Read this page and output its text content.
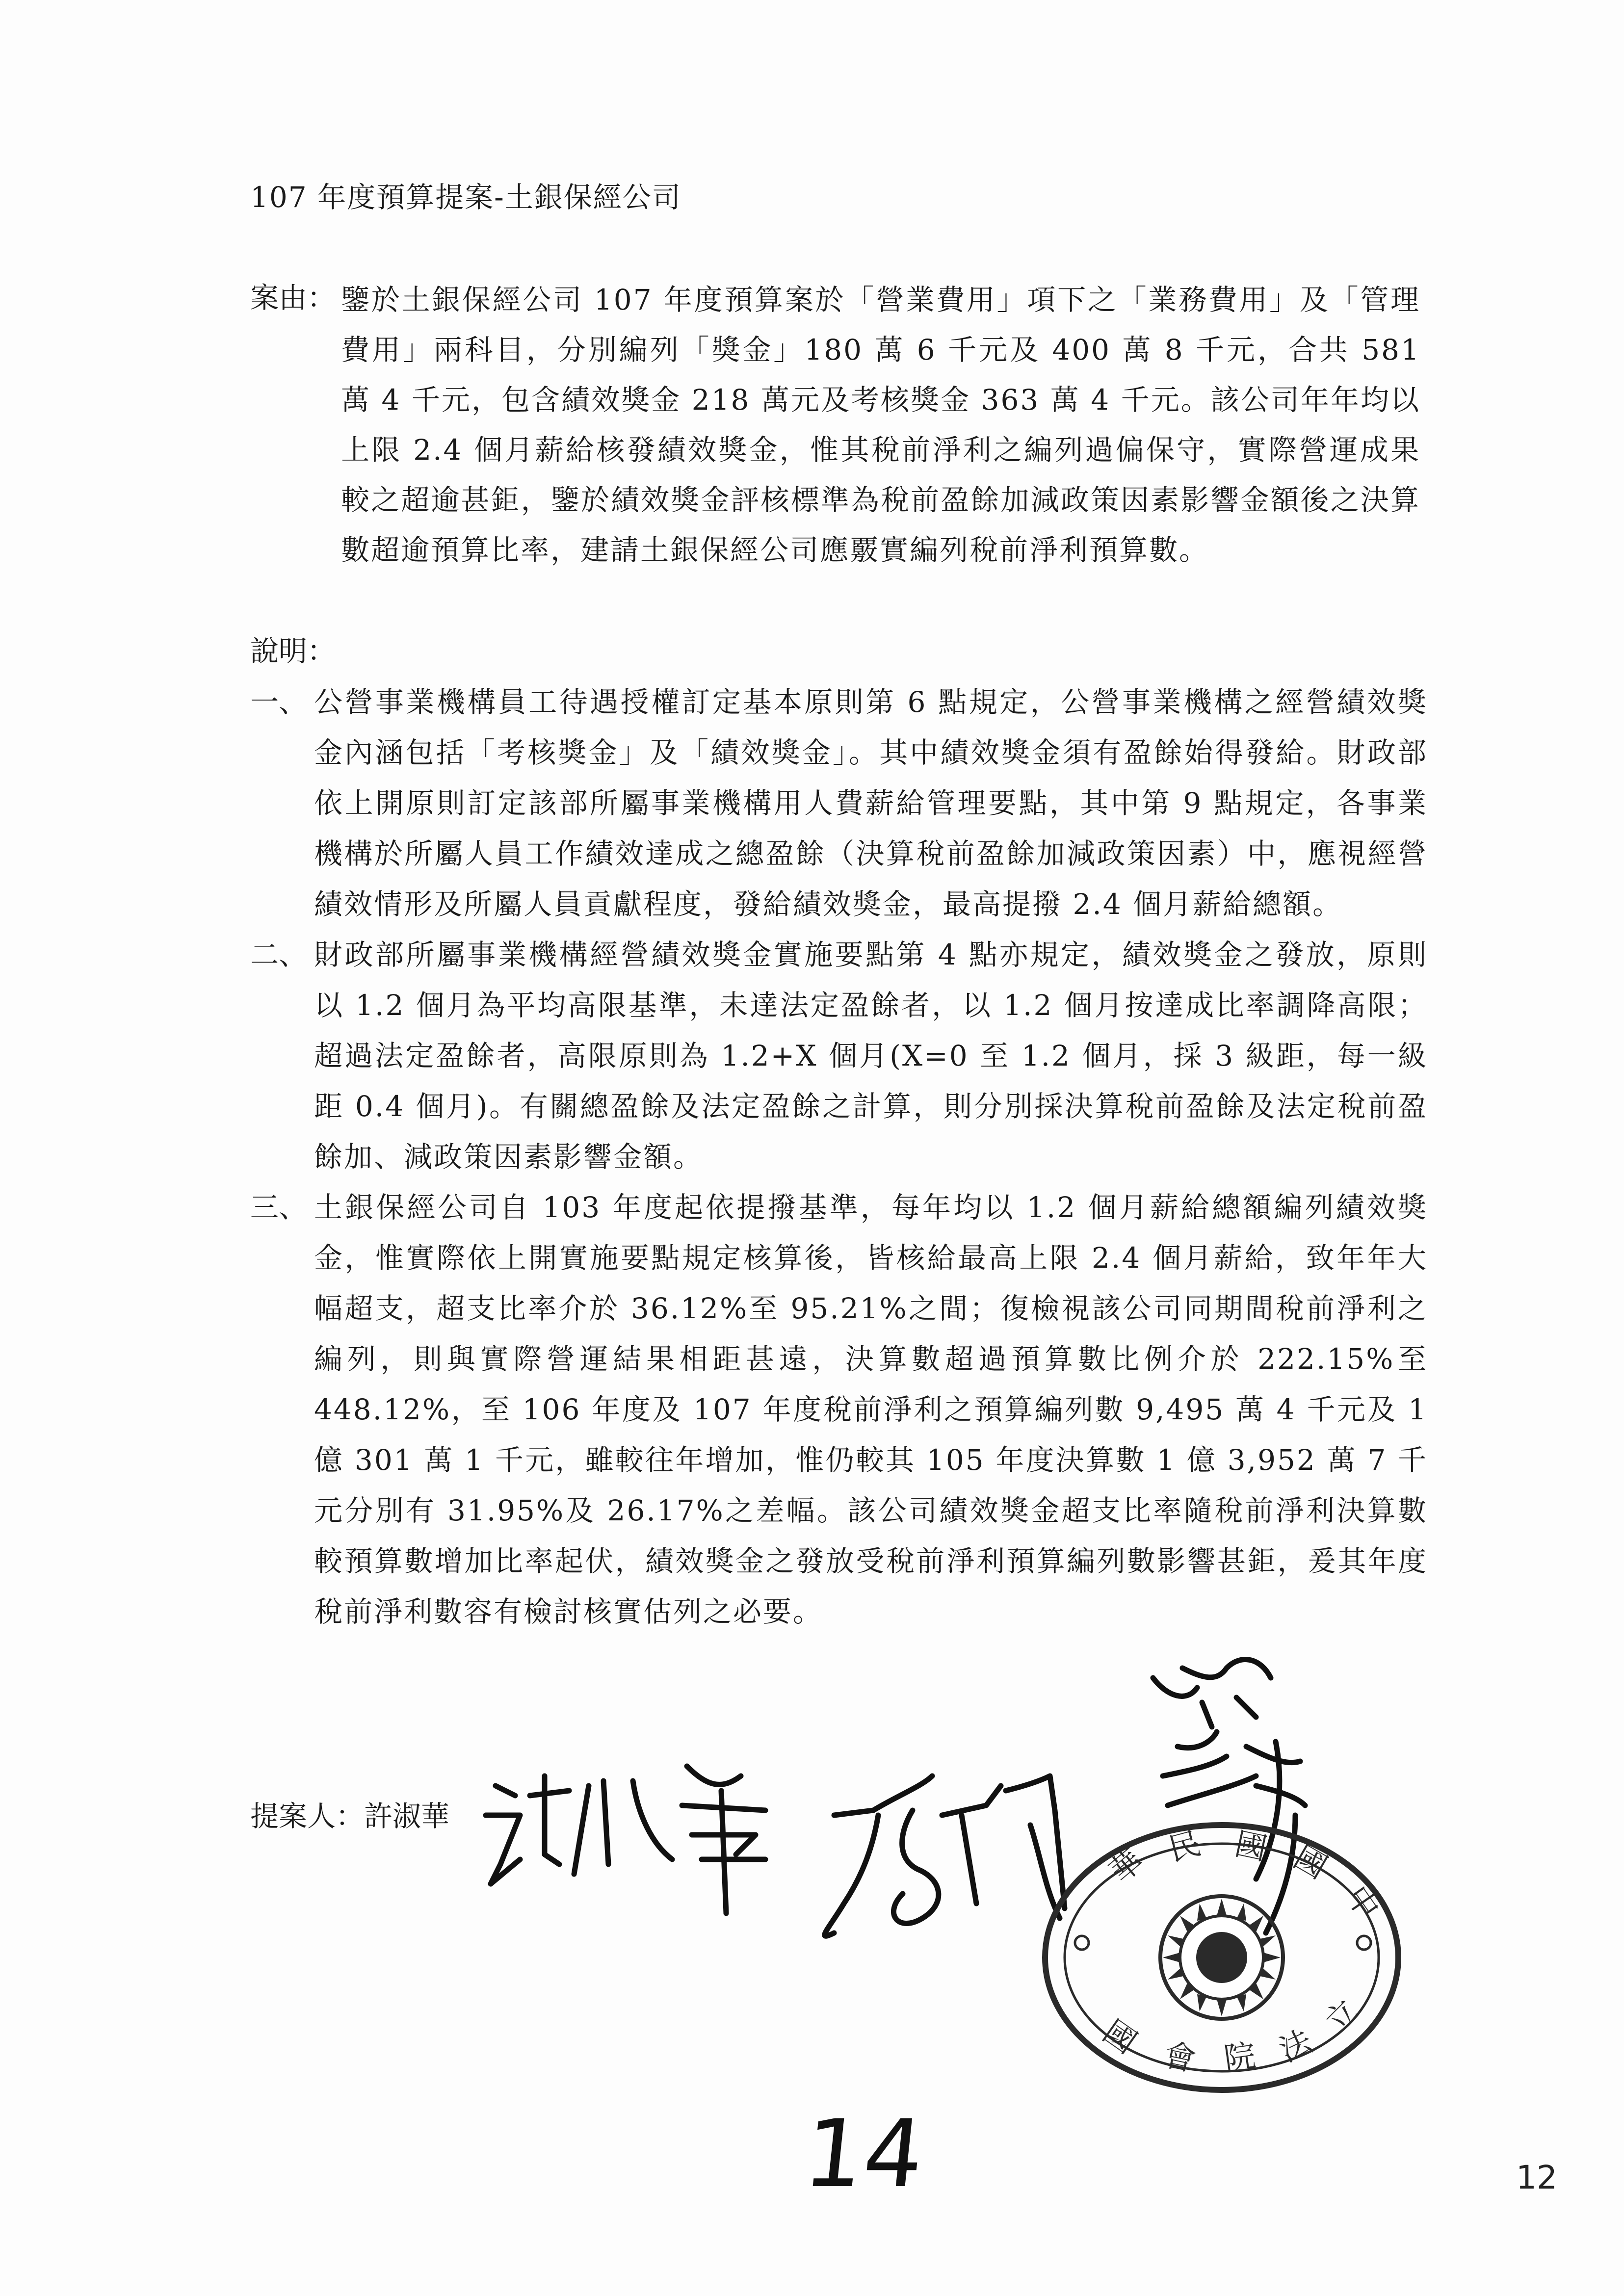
107 年度預算提案-土銀保經公司
案由： 鑒於土銀保經公司 107 年度預算案於「營業費用」項下之「業務費用」及「管理費用」兩科目，分別編列「獎金」180 萬 6 千元及 400 萬 8 千元，合共 581 萬 4 千元，包含績效獎金 218 萬元及考核獎金 363 萬 4 千元。該公司年年均以上限 2.4 個月薪給核發績效獎金，惟其稅前淨利之編列過偏保守，實際營運成果較之超逾甚鉅，鑒於績效獎金評核標準為稅前盈餘加減政策因素影響金額後之決算數超逾預算比率，建請土銀保經公司應覈實編列稅前淨利預算數。
說明：
一、 公營事業機構員工待遇授權訂定基本原則第 6 點規定，公營事業機構之經營績效獎金內涵包括「考核獎金」及「績效獎金」。其中績效獎金須有盈餘始得發給。財政部依上開原則訂定該部所屬事業機構用人費薪給管理要點，其中第 9 點規定，各事業機構於所屬人員工作績效達成之總盈餘（決算稅前盈餘加減政策因素）中，應視經營績效情形及所屬人員貢獻程度，發給績效獎金，最高提撥 2.4 個月薪給總額。
二、 財政部所屬事業機構經營績效獎金實施要點第 4 點亦規定，績效獎金之發放，原則以 1.2 個月為平均高限基準，未達法定盈餘者，以 1.2 個月按達成比率調降高限；超過法定盈餘者，高限原則為 1.2+X 個月(X=0 至 1.2 個月，採 3 級距，每一級距 0.4 個月)。有關總盈餘及法定盈餘之計算，則分別採決算稅前盈餘及法定稅前盈餘加、減政策因素影響金額。
三、 土銀保經公司自 103 年度起依提撥基準，每年均以 1.2 個月薪給總額編列績效獎金，惟實際依上開實施要點規定核算後，皆核給最高上限 2.4 個月薪給，致年年大幅超支，超支比率介於 36.12%至 95.21%之間；復檢視該公司同期間稅前淨利之編列，則與實際營運結果相距甚遠，決算數超過預算數比例介於 222.15%至 448.12%，至 106 年度及 107 年度稅前淨利之預算編列數 9,495 萬 4 千元及 1 億 301 萬 1 千元，雖較往年增加，惟仍較其 105 年度決算數 1 億 3,952 萬 7 千元分別有 31.95%及 26.17%之差幅。該公司績效獎金超支比率隨稅前淨利決算數較預算數增加比率起伏，績效獎金之發放受稅前淨利預算編列數影響甚鉅，爰其年度稅前淨利數容有檢討核實估列之必要。
提案人：許淑華
華 民 國 國
中
國 會 院 法
立
14	12
